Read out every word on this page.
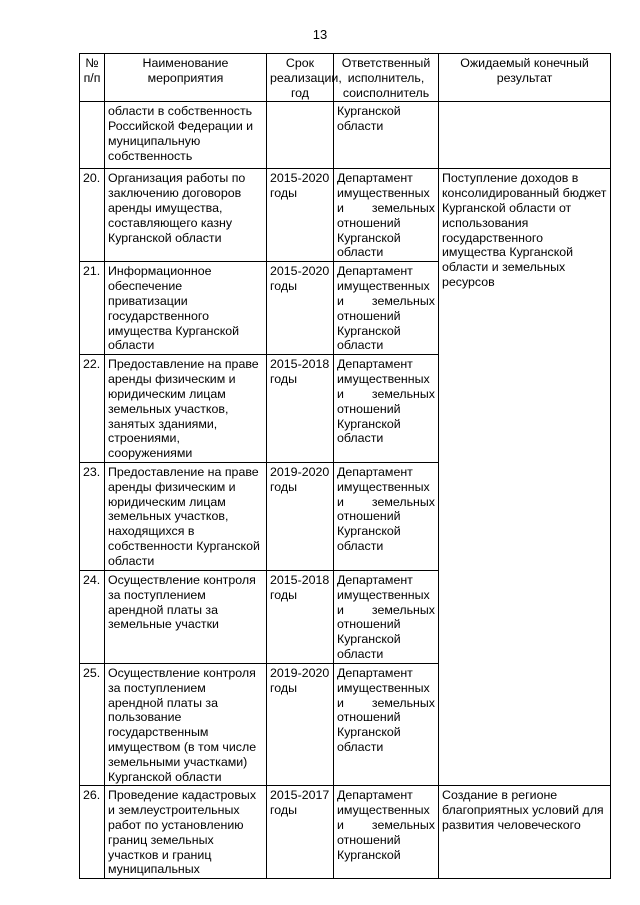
13
№ п/п	Наименование мероприятия	Срок реализации, год	Ответственный исполнитель, соисполнитель	Ожидаемый конечный результат
	области в собственность Российской Федерации и муниципальную собственность		Курганской области	
20.	Организация работы по заключению договоров аренды имущества, составляющего казну Курганской области	2015-2020 годы	Департамент имущественных и земельных отношений Курганской области	Поступление доходов в консолидированный бюджет Курганской области от использования государственного имущества Курганской области и земельных ресурсов
21.	Информационное обеспечение приватизации государственного имущества Курганской области	2015-2020 годы	Департамент имущественных и земельных отношений Курганской области	
22.	Предоставление на праве аренды физическим и юридическим лицам земельных участков, занятых зданиями, строениями, сооружениями	2015-2018 годы	Департамент имущественных и земельных отношений Курганской области	
23.	Предоставление на праве аренды физическим и юридическим лицам земельных участков, находящихся в собственности Курганской области	2019-2020 годы	Департамент имущественных и земельных отношений Курганской области	
24.	Осуществление контроля за поступлением арендной платы за земельные участки	2015-2018 годы	Департамент имущественных и земельных отношений Курганской области	
25.	Осуществление контроля за поступлением арендной платы за пользование государственным имуществом (в том числе земельными участками) Курганской области	2019-2020 годы	Департамент имущественных и земельных отношений Курганской области	
26.	Проведение кадастровых и землеустроительных работ по установлению границ земельных участков и границ муниципальных	2015-2017 годы	Департамент имущественных и земельных отношений Курганской	Создание в регионе благоприятных условий для развития человеческого
